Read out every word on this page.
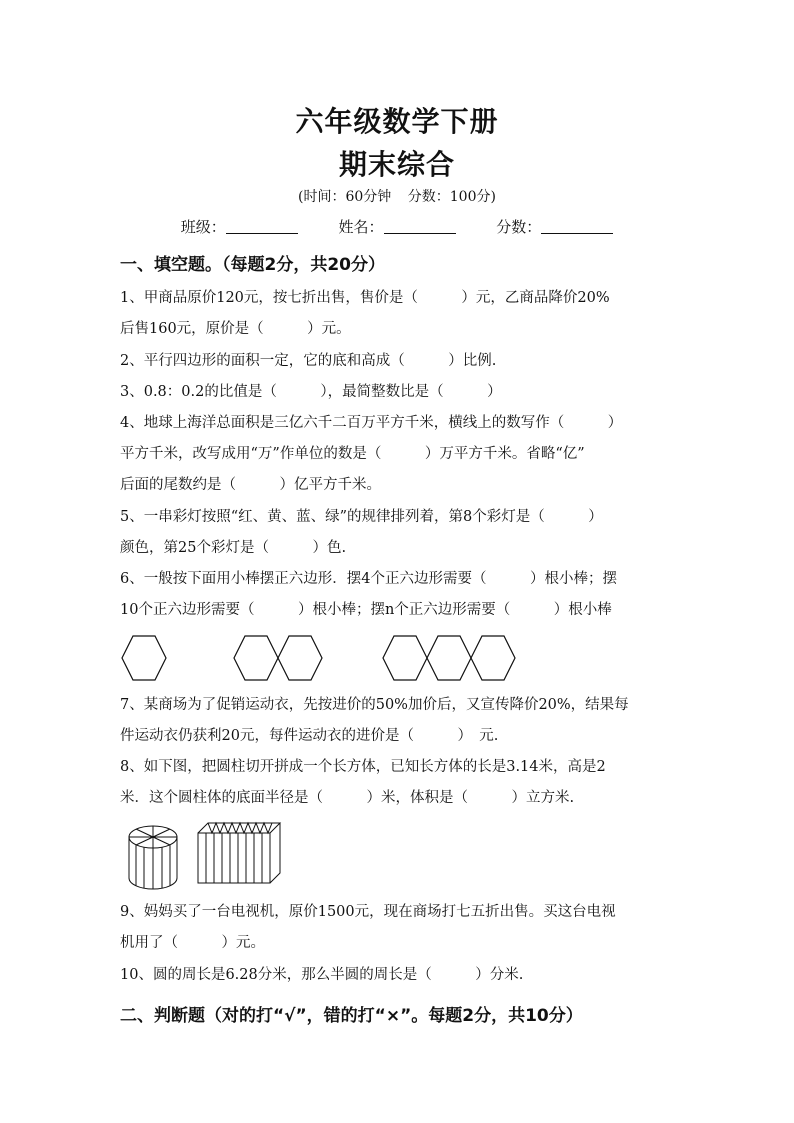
六年级数学下册
期末综合
(时间：60分钟 分数：100分)
班级：	姓名：	分数：
一、填空题。（每题2分，共20分）

1、甲商品原价120元，按七折出售，售价是（　　　）元，乙商品降价20%

后售160元，原价是（　　　）元。

2、平行四边形的面积一定，它的底和高成（　　　）比例.

3、0.8：0.2的比值是（　　　），最简整数比是（　　　）

4、地球上海洋总面积是三亿六千二百万平方千米，横线上的数写作（　　　）

平方千米，改写成用“万”作单位的数是（　　　）万平方千米。省略“亿”

后面的尾数约是（　　　）亿平方千米。

5、一串彩灯按照“红、黄、蓝、绿”的规律排列着，第8个彩灯是（　　　）

颜色，第25个彩灯是（　　　）色.

6、一般按下面用小棒摆正六边形．摆4个正六边形需要（　　　）根小棒；摆

10个正六边形需要（　　　）根小棒；摆n个正六边形需要（　　　）根小棒

7、某商场为了促销运动衣，先按进价的50%加价后，又宣传降价20%，结果每

件运动衣仍获利20元，每件运动衣的进价是（　　　）　元.

8、如下图，把圆柱切开拼成一个长方体，已知长方体的长是3.14米，高是2

米．这个圆柱体的底面半径是（　　　）米，体积是（　　　）立方米.

9、妈妈买了一台电视机，原价1500元，现在商场打七五折出售。买这台电视

机用了（　　　）元。

10、圆的周长是6.28分米，那么半圆的周长是（　　　）分米.

二、判断题（对的打“√”，错的打“×”。每题2分，共10分）
